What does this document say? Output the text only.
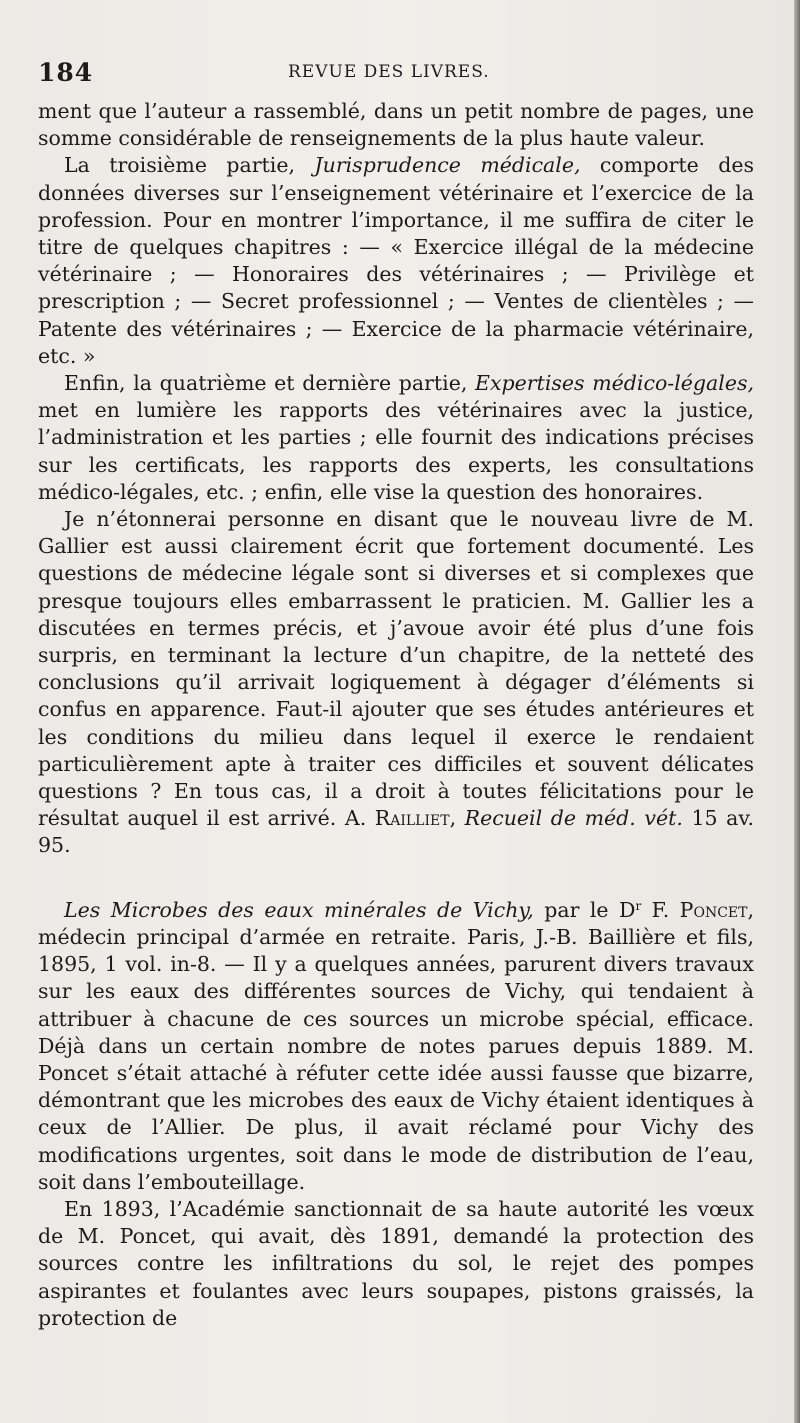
184	REVUE DES LIVRES.

ment que l’auteur a rassemblé, dans un petit nombre de pages, une somme considérable de renseignements de la plus haute valeur.

La troisième partie, Jurisprudence médicale, comporte des données diverses sur l’enseignement vétérinaire et l’exercice de la profession. Pour en montrer l’importance, il me suffira de citer le titre de quelques chapitres : — « Exercice illégal de la médecine vétérinaire ; — Honoraires des vétérinaires ; — Privilège et prescription ; — Secret professionnel ; — Ventes de clientèles ; — Patente des vétérinaires ; — Exercice de la pharmacie vétérinaire, etc. »

Enfin, la quatrième et dernière partie, Expertises médico-légales, met en lumière les rapports des vétérinaires avec la justice, l’administration et les parties ; elle fournit des indications précises sur les certificats, les rapports des experts, les consultations médico-légales, etc. ; enfin, elle vise la question des honoraires.

Je n’étonnerai personne en disant que le nouveau livre de M. Gallier est aussi clairement écrit que fortement documenté. Les questions de médecine légale sont si diverses et si complexes que presque toujours elles embarrassent le praticien. M. Gallier les a discutées en termes précis, et j’avoue avoir été plus d’une fois surpris, en terminant la lecture d’un chapitre, de la netteté des conclusions qu’il arrivait logiquement à dégager d’éléments si confus en apparence. Faut-il ajouter que ses études antérieures et les conditions du milieu dans lequel il exerce le rendaient particulièrement apte à traiter ces difficiles et souvent délicates questions ? En tous cas, il a droit à toutes félicitations pour le résultat auquel il est arrivé. A. Railliet, Recueil de méd. vét. 15 av. 95.

Les Microbes des eaux minérales de Vichy, par le $D^r$ F. Poncet, médecin principal d’armée en retraite. Paris, J.-B. Baillière et fils, 1895, 1 vol. in-8. — Il y a quelques années, parurent divers travaux sur les eaux des différentes sources de Vichy, qui tendaient à attribuer à chacune de ces sources un microbe spécial, efficace. Déjà dans un certain nombre de notes parues depuis 1889. M. Poncet s’était attaché à réfuter cette idée aussi fausse que bizarre, démontrant que les microbes des eaux de Vichy étaient identiques à ceux de l’Allier. De plus, il avait réclamé pour Vichy des modifications urgentes, soit dans le mode de distribution de l’eau, soit dans l’embouteillage.

En 1893, l’Académie sanctionnait de sa haute autorité les vœux de M. Poncet, qui avait, dès 1891, demandé la protection des sources contre les infiltrations du sol, le rejet des pompes aspirantes et foulantes avec leurs soupapes, pistons graissés, la protection de
